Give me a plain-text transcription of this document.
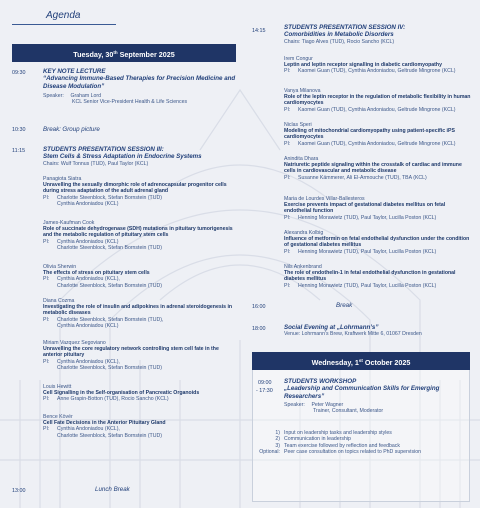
Agenda
Tuesday, 30th September 2025
09:30	KEY NOTE LECTURE
“Advancing Immune-Based Therapies for Precision Medicine and Disease Modulation”
Speaker: Graham Lord
KCL Senior Vice-President Health & Life Sciences
10:30	Break: Group picture
11:15	STUDENTS PRESENTATION SESSION III:
Stem Cells & Stress Adaptation in Endocrine Systems
Chairs: Wulf Tonnus (TUD), Paul Taylor (KCL)
Panagiota Siatra
Unravelling the sexually dimorphic role of adrenocapsular progenitor cells during stress adaptation of the adult adrenal gland
PI: Charlotte Steenblock, Stefan Bornstein (TUD)
Cynthia Andoniadou (KCL)
James-Kaufman Cook
Role of succinate dehydrogenase (SDH) mutations in pituitary tumorigenesis and the metabolic regulation of pituitary stem cells
PI: Cynthia Andoniadou (KCL)
Charlotte Steenblock, Stefan Bornstein (TUD)
Olivia Sherwin
The effects of stress on pituitary stem cells
PI: Cynthia Andoniadou (KCL),
Charlotte Steenblock, Stefan Bornstein (TUD)
Diana Cozma
Investigating the role of insulin and adipokines in adrenal steroidogenesis in metabolic diseases
PI: Charlotte Steenblock, Stefan Bornstein (TUD),
Cynthia Andoniadou (KCL)
Miriam Vazquez Segoviano
Unravelling the core regulatory network controlling stem cell fate in the anterior pituitary
PI: Cynthia Andoniadou (KCL),
Charlotte Steenblock, Stefan Bornstein (TUD)
Louis Hewitt
Cell Signalling in the Self-organisation of Pancreatic Organoids
PI: Anne Grapin-Botton (TUD), Rocio Sancho (KCL)
Bence Kövér
Cell Fate Decisions in the Anterior Pituitary Gland
PI: Cynthia Andoniadou (KCL),
Charlotte Steenblock, Stefan Bornstein (TUD)
13:00	Lunch Break
14:15	STUDENTS PRESENTATION SESSION IV:
Comorbidities in Metabolic Disorders
Chairs: Tiago Alves (TUD), Rocio Sancho (KCL)
Irem Congur
Leptin and leptin receptor signalling in diabetic cardiomyopathy
PI: Kaomei Guan (TUD), Cynthia Andoniadou, Geltrude Mingrone (KCL)
Vanya Milanova
Role of the leptin receptor in the regulation of metabolic flexibility in human cardiomyocytes
PI: Kaomei Guan (TUD), Cynthia Andoniadou, Geltrude Mingrone (KCL)
Niclas Speri
Modeling of mitochondrial cardiomyopathy using patient-specific iPS cardiomyocytes
PI: Kaomei Guan (TUD), Cynthia Andoniadou, Geltrude Mingrone (KCL)
Anindita Dhara
Natriuretic peptide signaling within the crosstalk of cardiac and immune cells in cardiovascular and metabolic disease
PI: Susanne Kämmerer, Ali El-Armouche (TUD), TBA (KCL)
Maria de Lourdes Villar-Ballesteros
Exercise prevents impact of gestational diabetes mellitus on fetal endothelial function
PI: Henning Morawietz (TUD), Paul Taylor, Lucilla Poston (KCL)
Alexandra Kolbig
Influence of metformin on fetal endothelial dysfunction under the condition of gestational diabetes mellitus
PI: Henning Morawietz (TUD), Paul Taylor, Lucilla Poston (KCL)
Nils Ankenbrand
The role of endothelin-1 in fetal endothelial dysfunction in gestational diabetes mellitus
PI: Henning Morawietz (TUD), Paul Taylor, Lucilla Poston (KCL)
16:00	Break
18:00	Social Evening at „Lohrmann’s”
Venue: Lohrmann’s Brew, Kraftwerk Mitte 6, 01067 Dresden
Wednesday, 1st October 2025
09:00
- 17:30
STUDENTS WORKSHOP
„Leadership and Communication Skills for Emerging Researchers”
Speaker: Peter Wagner
Trainer, Consultant, Moderator
1) Input on leadership tasks and leadership styles
2) Communication in leadership
3) Team exercise followed by reflection and feedback
Optional: Peer case consultation on topics related to PhD supervision
